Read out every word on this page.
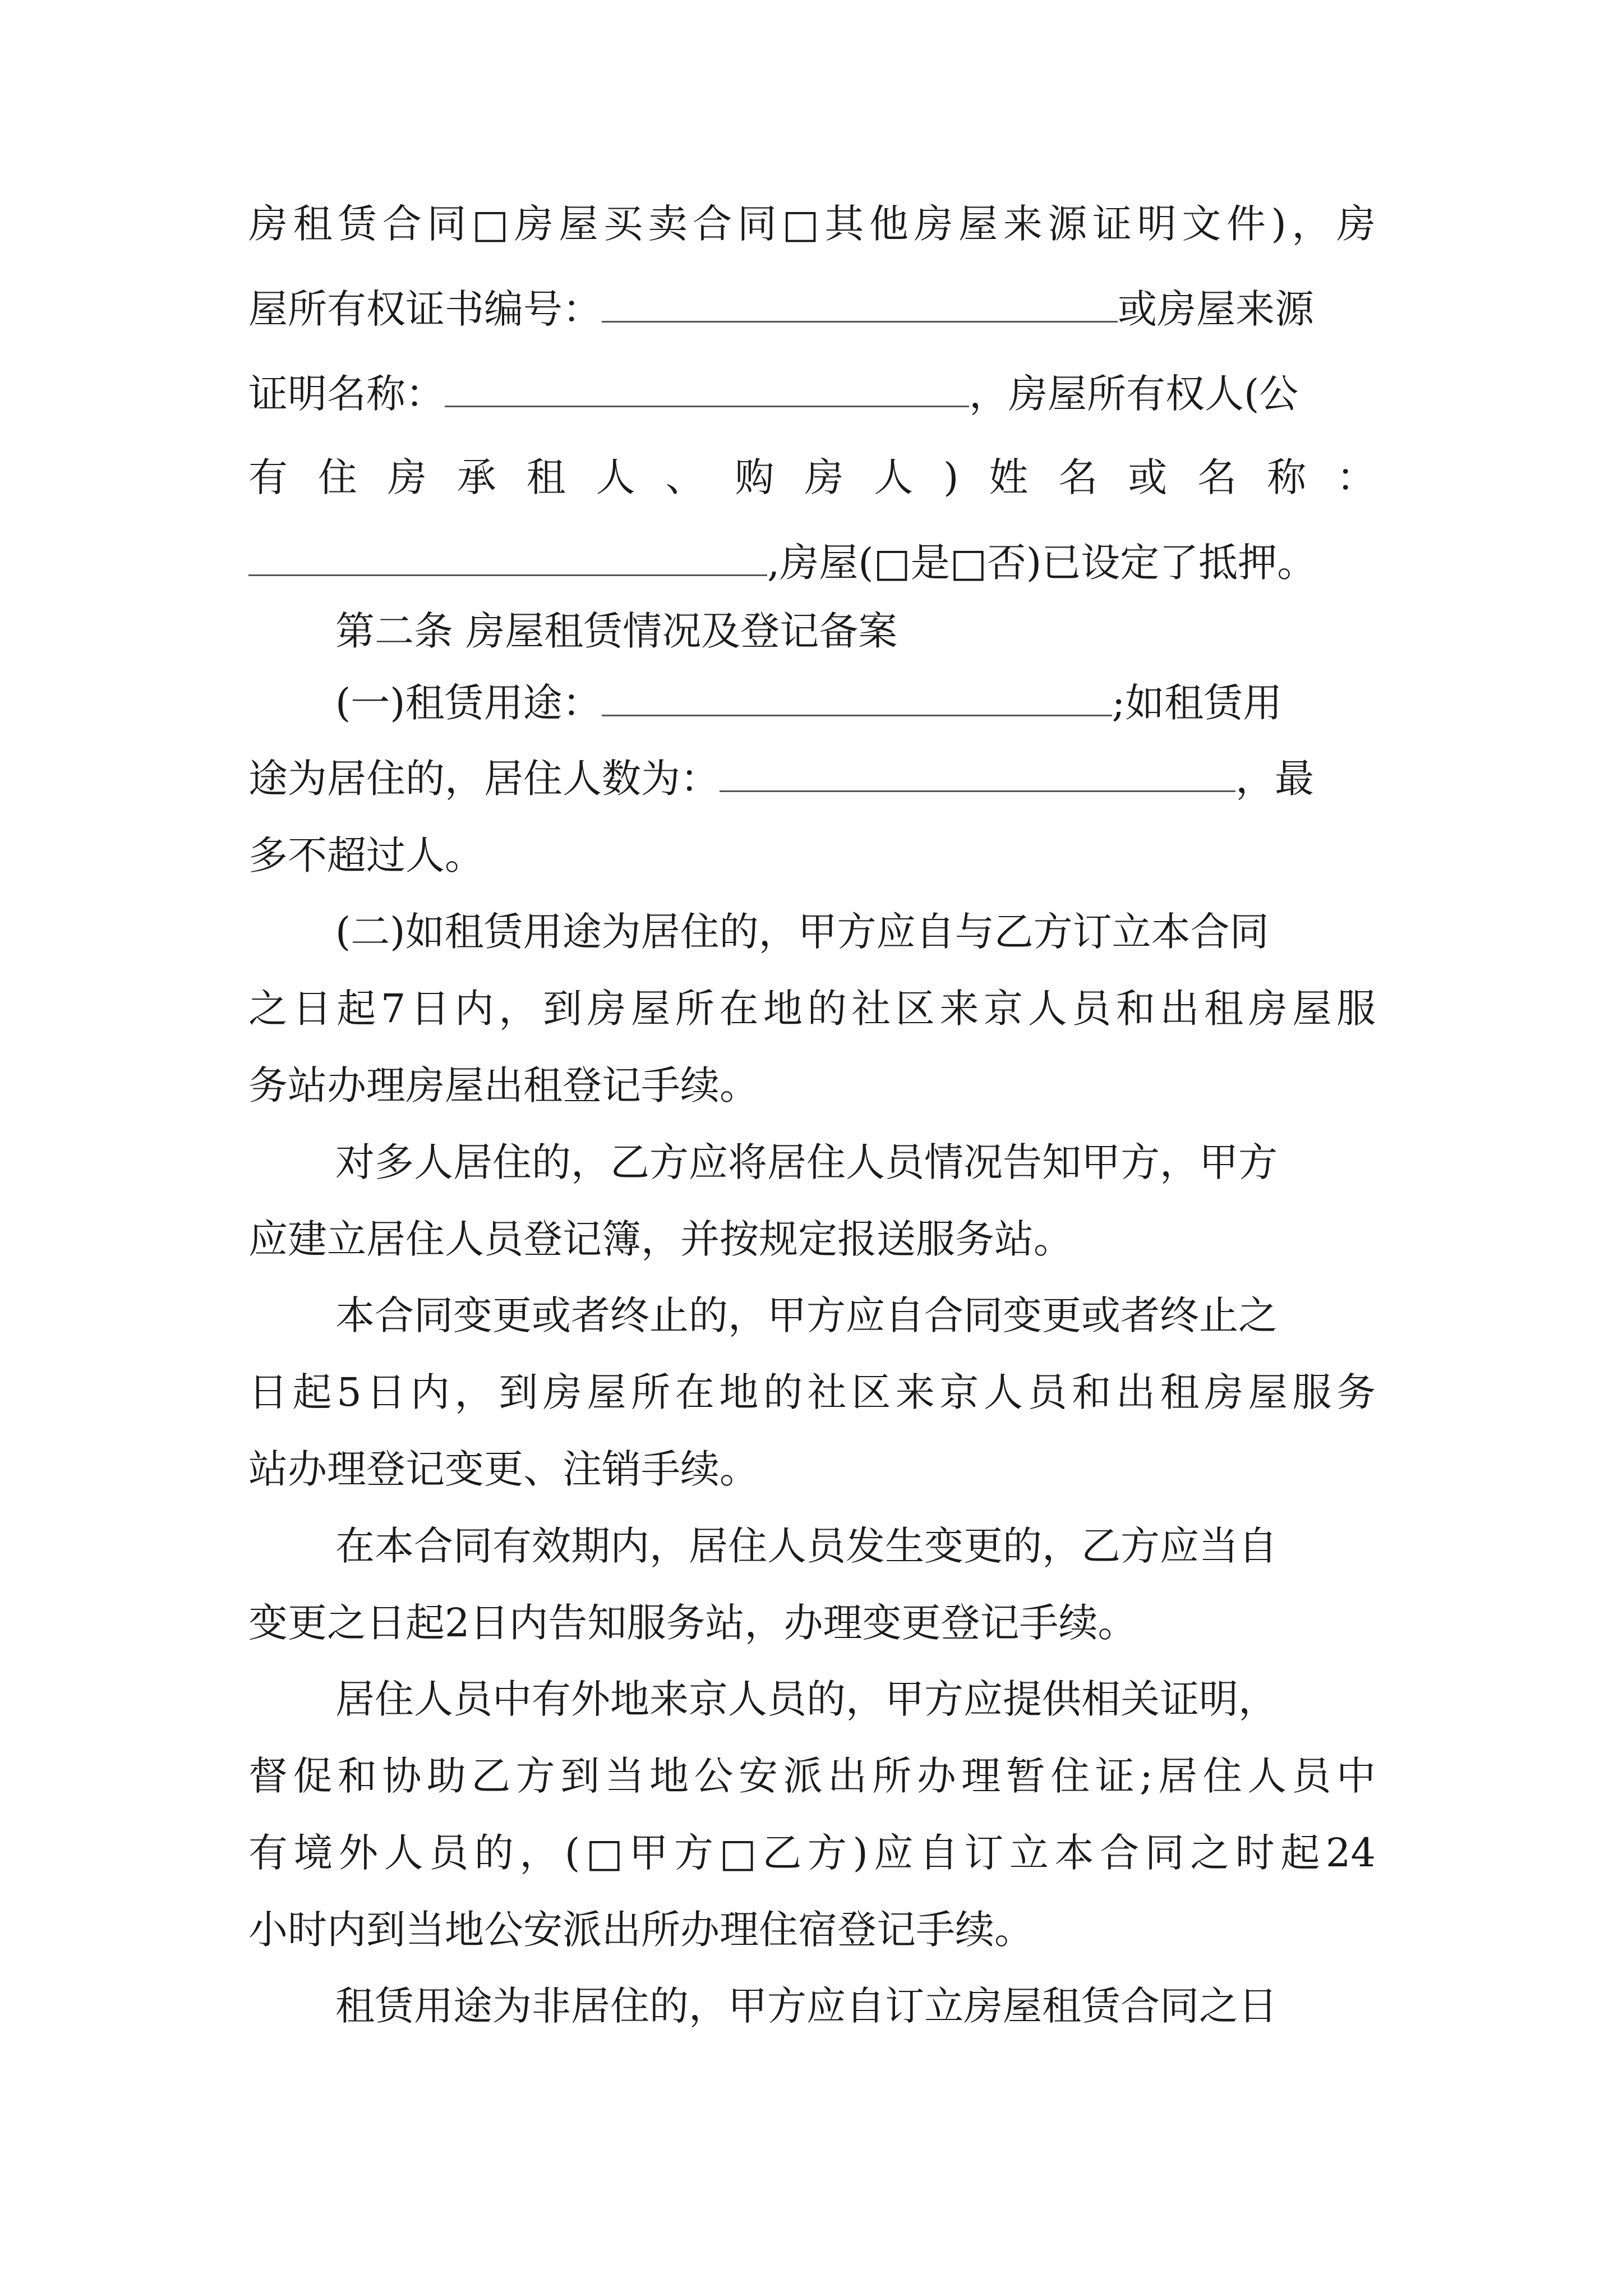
房租赁合同□房屋买卖合同□其他房屋来源证明文件)，房
屋所有权证书编号：	或房屋来源
证明名称：	，房屋所有权人(公
有住房承租人、购房人)姓名或名称：
,房屋(□是□否)已设定了抵押。
第二条 房屋租赁情况及登记备案
(一)租赁用途：	;如租赁用
途为居住的，居住人数为：	，最
多不超过人。
(二)如租赁用途为居住的，甲方应自与乙方订立本合同
之日起7日内，到房屋所在地的社区来京人员和出租房屋服
务站办理房屋出租登记手续。
对多人居住的，乙方应将居住人员情况告知甲方，甲方
应建立居住人员登记簿，并按规定报送服务站。
本合同变更或者终止的，甲方应自合同变更或者终止之
日起5日内，到房屋所在地的社区来京人员和出租房屋服务
站办理登记变更、注销手续。
在本合同有效期内，居住人员发生变更的，乙方应当自
变更之日起2日内告知服务站，办理变更登记手续。
居住人员中有外地来京人员的，甲方应提供相关证明，
督促和协助乙方到当地公安派出所办理暂住证;居住人员中
有境外人员的，(□甲方□乙方)应自订立本合同之时起24
小时内到当地公安派出所办理住宿登记手续。
租赁用途为非居住的，甲方应自订立房屋租赁合同之日
